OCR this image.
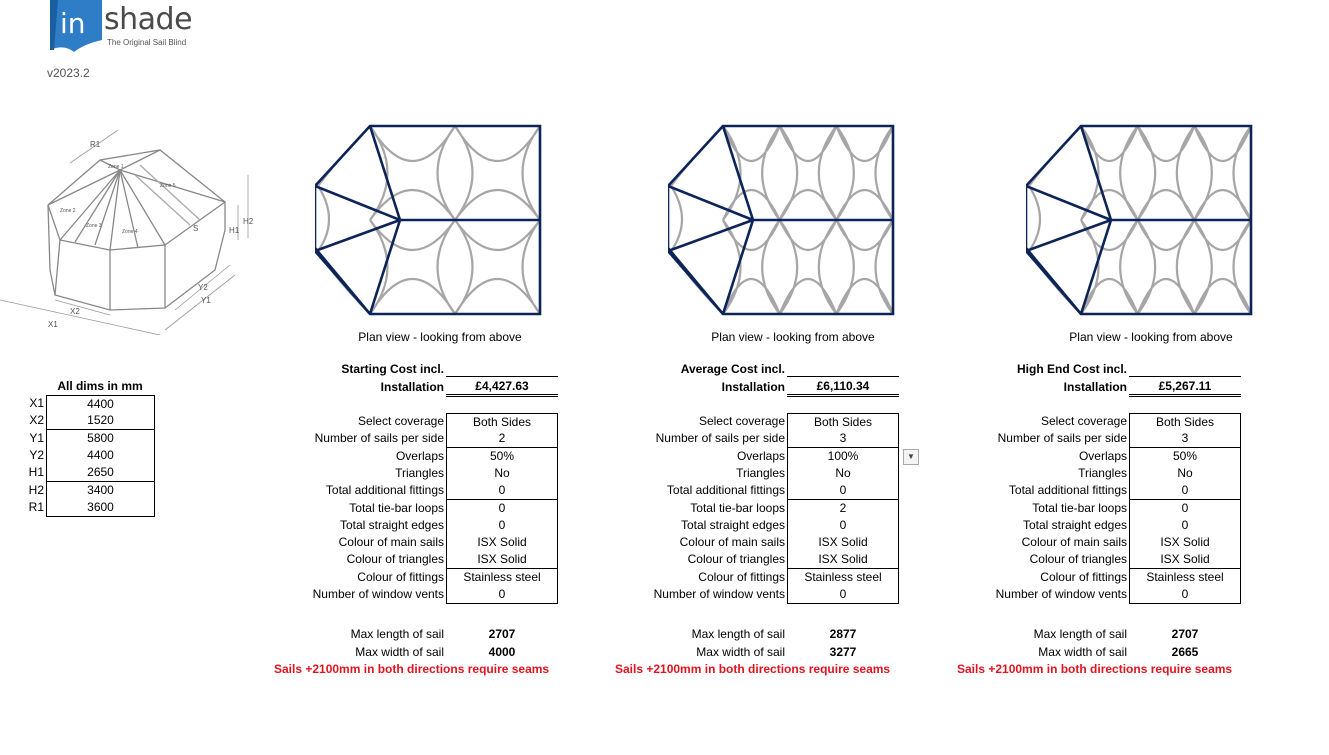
in shade
The Original Sail Blind
v2023.2
R1
Zone 1
Zone 5
Zone 2
Zone 3
Zone 4	S
H2
H1
Y2
Y1
X2
X1
All dims in mm
X1	4400
X2	1520
Y1	5800
Y2	4400
H1	2650
H2	3400
R1	3600
Plan view - looking from above
Starting Cost incl.
Installation	£4,427.63
Select coverage	Both Sides
Number of sails per side	2
Overlaps	50%
Triangles	No
Total additional fittings	0
Total tie-bar loops	0
Total straight edges	0
Colour of main sails	ISX Solid
Colour of triangles	ISX Solid
Colour of fittings	Stainless steel
Number of window vents	0
Max length of sail	2707
Max width of sail	4000
Sails +2100mm in both directions require seams
Plan view - looking from above
Average Cost incl.
Installation	£6,110.34
Select coverage	Both Sides
Number of sails per side	3
Overlaps	100%
Triangles	No
Total additional fittings	0
Total tie-bar loops	2
Total straight edges	0
Colour of main sails	ISX Solid
Colour of triangles	ISX Solid
Colour of fittings	Stainless steel
Number of window vents	0
▼
Max length of sail	2877
Max width of sail	3277
Sails +2100mm in both directions require seams
Plan view - looking from above
High End Cost incl.
Installation	£5,267.11
Select coverage	Both Sides
Number of sails per side	3
Overlaps	50%
Triangles	No
Total additional fittings	0
Total tie-bar loops	0
Total straight edges	0
Colour of main sails	ISX Solid
Colour of triangles	ISX Solid
Colour of fittings	Stainless steel
Number of window vents	0
Max length of sail	2707
Max width of sail	2665
Sails +2100mm in both directions require seams
